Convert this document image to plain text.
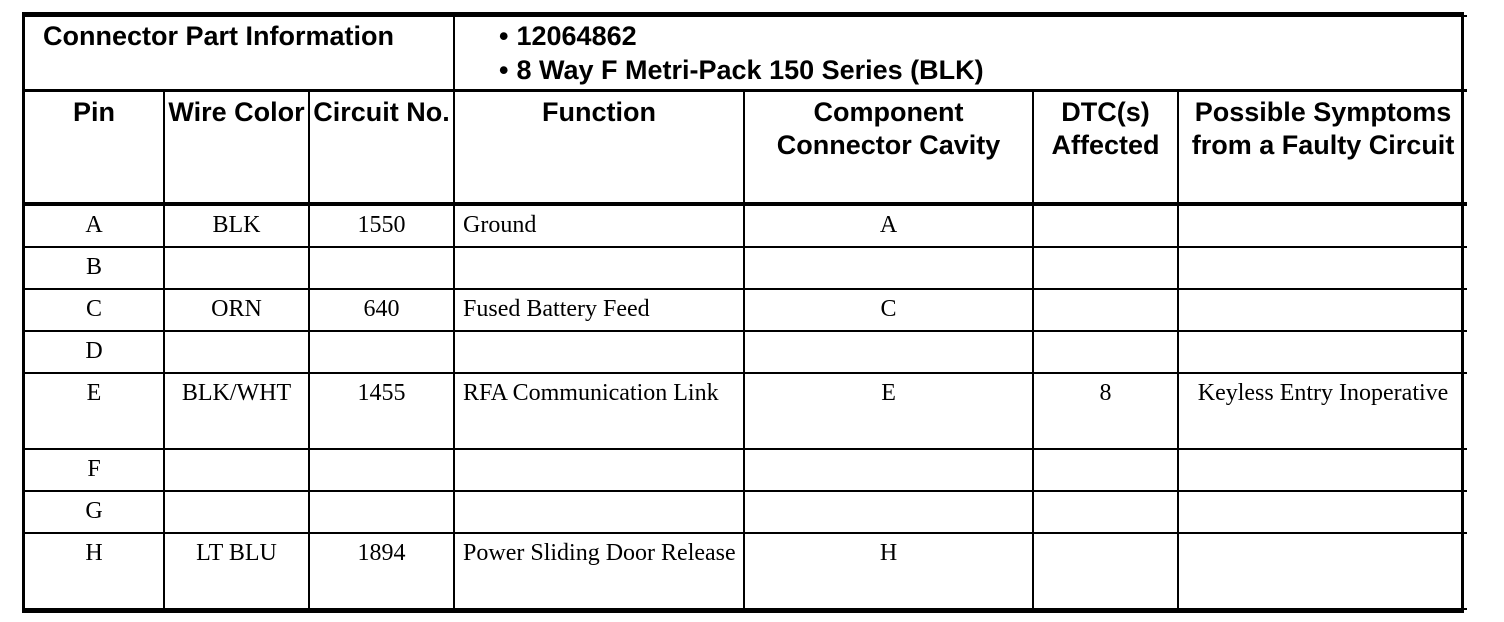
Connector Part Information			• 12064862
• 8 Way F Metri-Pack 150 Series (BLK)			

Pin	Wire Color	Circuit No.	Function	Component Connector Cavity	DTC(s) Affected	Possible Symptoms from a Faulty Circuit
A	BLK	1550	Ground	A		
B						
C	ORN	640	Fused Battery Feed	C		
D						
E	BLK/WHT	1455	RFA Communication Link	E	8	Keyless Entry Inoperative
F						
G						
H	LT BLU	1894	Power Sliding Door Release	H		
